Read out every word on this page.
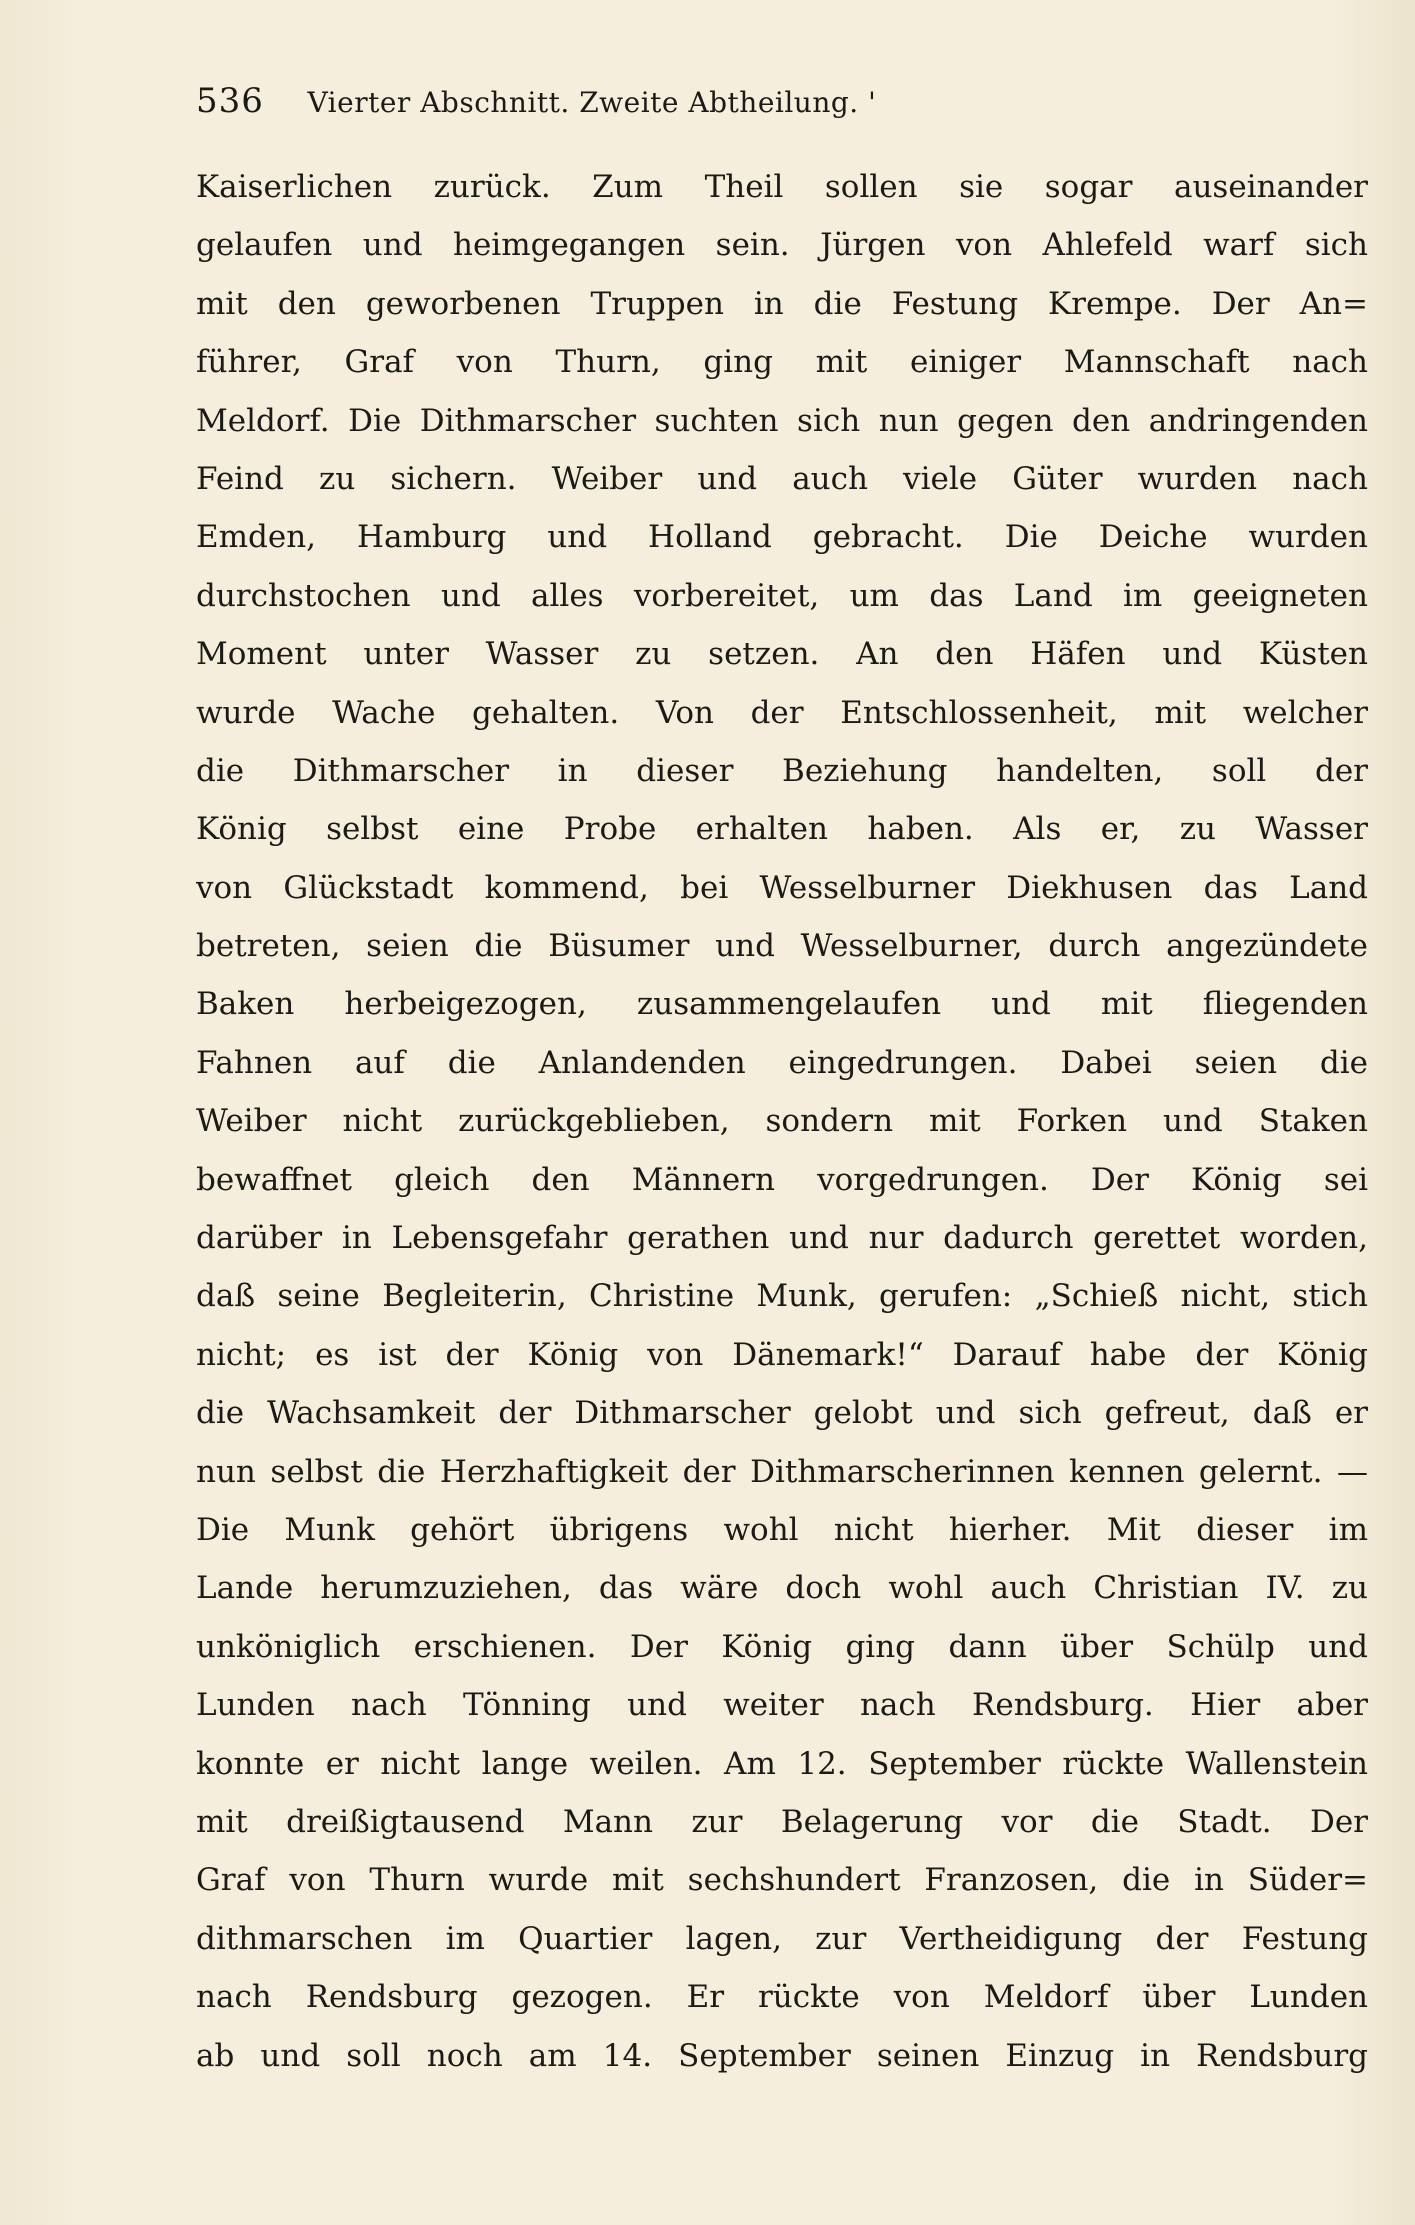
536 Vierter Abschnitt. Zweite Abtheilung. '
Kaiserlichen zurück. Zum Theil sollen sie sogar auseinander
gelaufen und heimgegangen sein. Jürgen von Ahlefeld warf sich
mit den geworbenen Truppen in die Festung Krempe. Der An=
führer, Graf von Thurn, ging mit einiger Mannschaft nach
Meldorf. Die Dithmarscher suchten sich nun gegen den andringenden
Feind zu sichern. Weiber und auch viele Güter wurden nach
Emden, Hamburg und Holland gebracht. Die Deiche wurden
durchstochen und alles vorbereitet, um das Land im geeigneten
Moment unter Wasser zu setzen. An den Häfen und Küsten
wurde Wache gehalten. Von der Entschlossenheit, mit welcher
die Dithmarscher in dieser Beziehung handelten, soll der
König selbst eine Probe erhalten haben. Als er, zu Wasser
von Glückstadt kommend, bei Wesselburner Diekhusen das Land
betreten, seien die Büsumer und Wesselburner, durch angezündete
Baken herbeigezogen, zusammengelaufen und mit fliegenden
Fahnen auf die Anlandenden eingedrungen. Dabei seien die
Weiber nicht zurückgeblieben, sondern mit Forken und Staken
bewaffnet gleich den Männern vorgedrungen. Der König sei
darüber in Lebensgefahr gerathen und nur dadurch gerettet worden,
daß seine Begleiterin, Christine Munk, gerufen: „Schieß nicht, stich
nicht; es ist der König von Dänemark!“ Darauf habe der König
die Wachsamkeit der Dithmarscher gelobt und sich gefreut, daß er
nun selbst die Herzhaftigkeit der Dithmarscherinnen kennen gelernt. —
Die Munk gehört übrigens wohl nicht hierher. Mit dieser im
Lande herumzuziehen, das wäre doch wohl auch Christian IV. zu
unköniglich erschienen. Der König ging dann über Schülp und
Lunden nach Tönning und weiter nach Rendsburg. Hier aber
konnte er nicht lange weilen. Am 12. September rückte Wallenstein
mit dreißigtausend Mann zur Belagerung vor die Stadt. Der
Graf von Thurn wurde mit sechshundert Franzosen, die in Süder=
dithmarschen im Quartier lagen, zur Vertheidigung der Festung
nach Rendsburg gezogen. Er rückte von Meldorf über Lunden
ab und soll noch am 14. September seinen Einzug in Rendsburg
